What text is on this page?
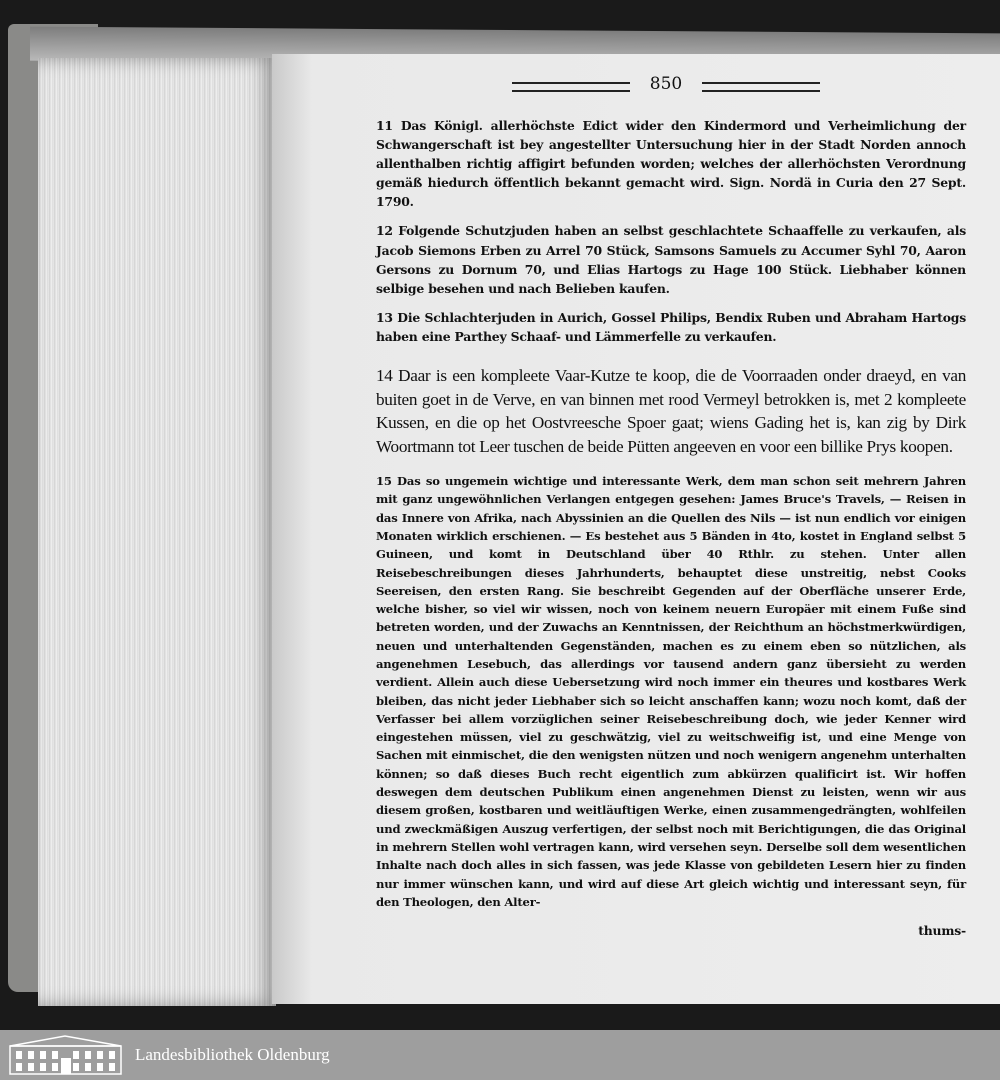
850

11 Das Königl. allerhöchste Edict wider den Kindermord und Verheimlichung der Schwangerschaft ist bey angestellter Untersuchung hier in der Stadt Norden annoch allenthalben richtig affigirt befunden worden; welches der allerhöchsten Verordnung gemäß hiedurch öffentlich bekannt gemacht wird. Sign. Nordä in Curia den 27 Sept. 1790.

12 Folgende Schutzjuden haben an selbst geschlachtete Schaaffelle zu verkaufen, als Jacob Siemons Erben zu Arrel 70 Stück, Samsons Samuels zu Accumer Syhl 70, Aaron Gersons zu Dornum 70, und Elias Hartogs zu Hage 100 Stück. Liebhaber können selbige besehen und nach Belieben kaufen.

13 Die Schlachterjuden in Aurich, Gossel Philips, Bendix Ruben und Abraham Hartogs haben eine Parthey Schaaf- und Lämmerfelle zu verkaufen.

14 Daar is een kompleete Vaar-Kutze te koop, die de Voorraaden onder draeyd, en van buiten goet in de Verve, en van binnen met rood Vermeyl betrokken is, met 2 kompleete Kussen, en die op het Oostvreesche Spoer gaat; wiens Gading het is, kan zig by Dirk Woortmann tot Leer tuschen de beide Pütten angeeven en voor een billike Prys koopen.

15 Das so ungemein wichtige und interessante Werk, dem man schon seit mehrern Jahren mit ganz ungewöhnlichen Verlangen entgegen gesehen: James Bruce's Travels, — Reisen in das Innere von Afrika, nach Abyssinien an die Quellen des Nils — ist nun endlich vor einigen Monaten wirklich erschienen. — Es bestehet aus 5 Bänden in 4to, kostet in England selbst 5 Guineen, und komt in Deutschland über 40 Rthlr. zu stehen. Unter allen Reisebeschreibungen dieses Jahrhunderts, behauptet diese unstreitig, nebst Cooks Seereisen, den ersten Rang. Sie beschreibt Gegenden auf der Oberfläche unserer Erde, welche bisher, so viel wir wissen, noch von keinem neuern Europäer mit einem Fuße sind betreten worden, und der Zuwachs an Kenntnissen, der Reichthum an höchstmerkwürdigen, neuen und unterhaltenden Gegenständen, machen es zu einem eben so nützlichen, als angenehmen Lesebuch, das allerdings vor tausend andern ganz übersieht zu werden verdient. Allein auch diese Uebersetzung wird noch immer ein theures und kostbares Werk bleiben, das nicht jeder Liebhaber sich so leicht anschaffen kann; wozu noch komt, daß der Verfasser bei allem vorzüglichen seiner Reisebeschreibung doch, wie jeder Kenner wird eingestehen müssen, viel zu geschwätzig, viel zu weitschweifig ist, und eine Menge von Sachen mit einmischet, die den wenigsten nützen und noch wenigern angenehm unterhalten können; so daß dieses Buch recht eigentlich zum abkürzen qualificirt ist. Wir hoffen deswegen dem deutschen Publikum einen angenehmen Dienst zu leisten, wenn wir aus diesem großen, kostbaren und weitläuftigen Werke, einen zusammengedrängten, wohlfeilen und zweckmäßigen Auszug verfertigen, der selbst noch mit Berichtigungen, die das Original in mehrern Stellen wohl vertragen kann, wird versehen seyn. Derselbe soll dem wesentlichen Inhalte nach doch alles in sich fassen, was jede Klasse von gebildeten Lesern hier zu finden nur immer wünschen kann, und wird auf diese Art gleich wichtig und interessant seyn, für den Theologen, den Alter-

thums-

Landesbibliothek Oldenburg
